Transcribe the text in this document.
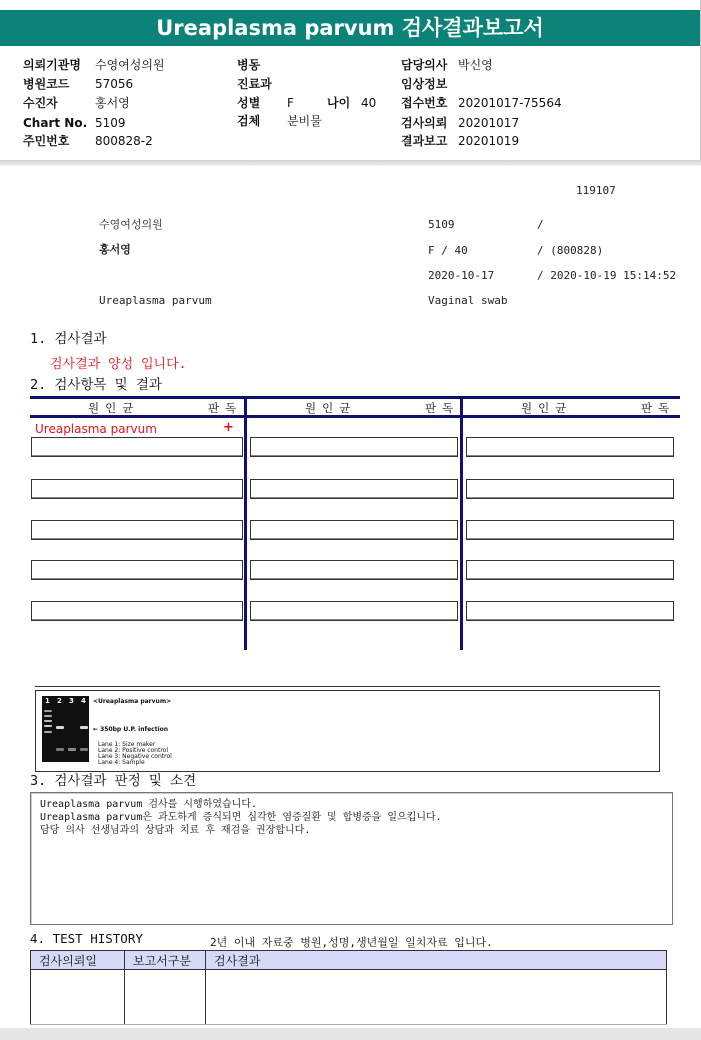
Ureaplasma parvum 검사결과보고서
의뢰기관명 수영여성의원
병원코드 57056
수진자	홍서영
Chart No. 5109
주민번호 800828-2
병동
진료과
성별 F	나이 40
검체 분비물
담당의사 박신영
임상정보
접수번호 20201017-75564
검사의뢰 20201017
결과보고 20201019
119107
수영여성의원	5109	/
홍서영	F / 40	/ (800828)
2020-10-17	/ 2020-10-19 15:14:52
Ureaplasma parvum	Vaginal swab
1. 검사결과
검사결과 양성 입니다.
2. 검사항목 및 결과
원인균	판독	원인균	판독	원인균	판독
Ureaplasma parvum	+
1 2 3 4 <Ureaplasma parvum>
← 350bp U.P. infection
Lane 1: Size maker
Lane 2: Positive control
Lane 3: Negative control
Lane 4: Sample
3. 검사결과 판정 및 소견
Ureaplasma parvum 검사를 시행하였습니다.
Ureaplasma parvum은 과도하게 증식되면 심각한 염증질환 및 합병증을 일으킵니다.
담당 의사 선생님과의 상담과 치료 후 재검을 권장합니다.
4. TEST HISTORY	2년 이내 자료중 병원,성명,생년월일 일치자료 입니다.
검사의뢰일	보고서구분	검사결과
